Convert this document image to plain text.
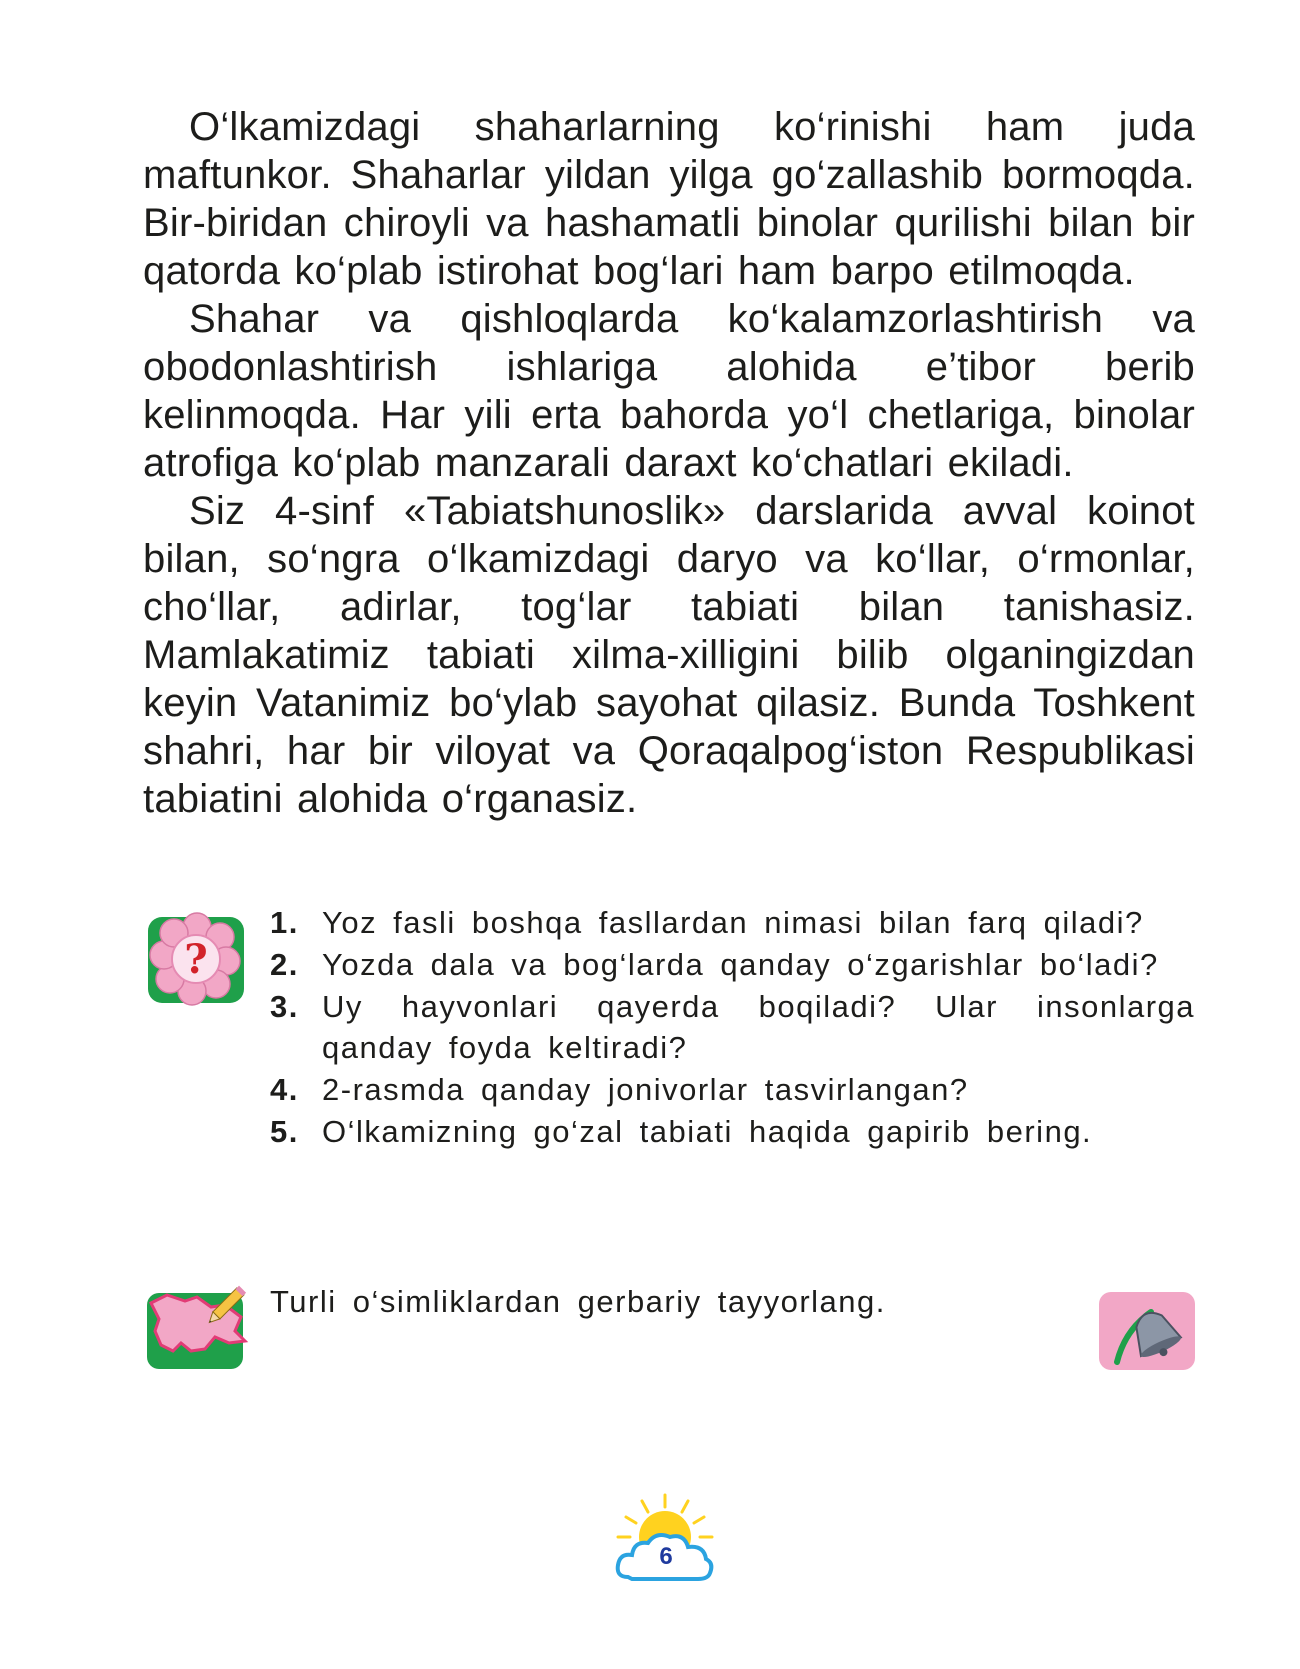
O‘lkamizdagi shaharlarning ko‘rinishi ham juda maftunkor. Shaharlar yildan yilga go‘zallashib bormoqda. Bir-biridan chiroyli va hashamatli binolar qurilishi bilan bir qatorda ko‘plab istirohat bog‘lari ham barpo etilmoqda.

Shahar va qishloqlarda ko‘kalamzorlashtirish va obodonlashtirish ishlariga alohida e’tibor berib kelinmoqda. Har yili erta bahorda yo‘l chetlariga, binolar atrofiga ko‘plab manzarali daraxt ko‘chatlari ekiladi.

Siz 4-sinf «Tabiatshunoslik» darslarida avval koinot bilan, so‘ngra o‘lkamizdagi daryo va ko‘llar, o‘rmonlar, cho‘llar, adirlar, tog‘lar tabiati bilan tanishasiz. Mamlakatimiz tabiati xilma-xilligini bilib olganingizdan keyin Vatanimiz bo‘ylab sayohat qilasiz. Bunda Toshkent shahri, har bir viloyat va Qoraqalpog‘iston Respublikasi tabiatini alohida o‘rganasiz.

?
1. Yoz fasli boshqa fasllardan nimasi bilan farq qiladi?
2. Yozda dala va bog‘larda qanday o‘zgarishlar bo‘ladi?
3. Uy hayvonlari qayerda boqiladi? Ular insonlarga qanday foyda keltiradi?
4. 2-rasmda qanday jonivorlar tasvirlangan?
5. O‘lkamizning go‘zal tabiati haqida gapirib bering.
Turli o‘simliklardan gerbariy tayyorlang.
6
